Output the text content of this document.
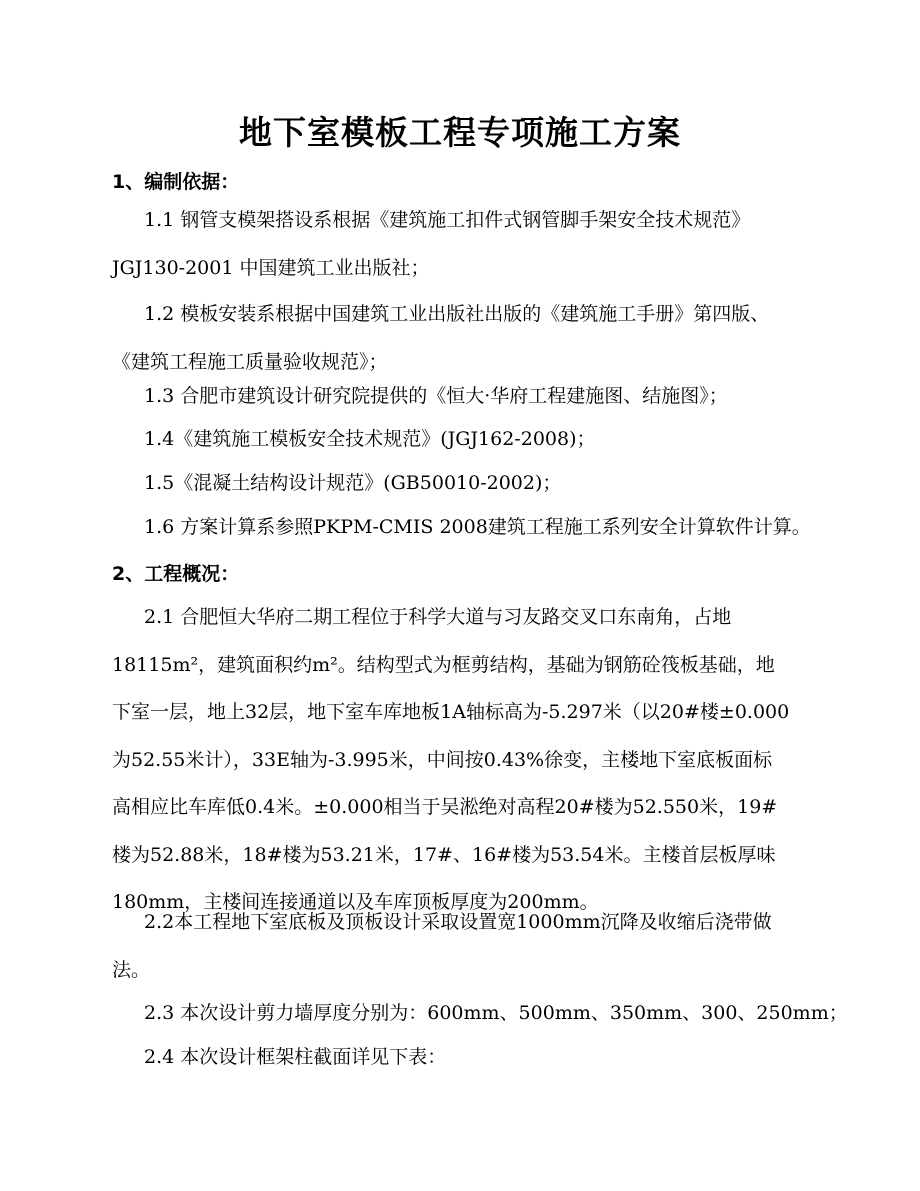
地下室模板工程专项施工方案
1、编制依据：

1.1 钢管支模架搭设系根据《建筑施工扣件式钢管脚手架安全技术规范》
JGJ130-2001 中国建筑工业出版社；

1.2 模板安装系根据中国建筑工业出版社出版的《建筑施工手册》第四版、
《建筑工程施工质量验收规范》；

1.3 合肥市建筑设计研究院提供的《恒大·华府工程建施图、结施图》；

1.4《建筑施工模板安全技术规范》(JGJ162-2008)；

1.5《混凝土结构设计规范》(GB50010-2002)；

1.6 方案计算系参照PKPM-CMIS 2008建筑工程施工系列安全计算软件计算。

2、工程概况：

2.1 合肥恒大华府二期工程位于科学大道与习友路交叉口东南角，占地
18115m²，建筑面积约m²。结构型式为框剪结构，基础为钢筋砼筏板基础，地
下室一层，地上32层，地下室车库地板1A轴标高为-5.297米（以20#楼±0.000
为52.55米计），33E轴为-3.995米，中间按0.43%徐变，主楼地下室底板面标
高相应比车库低0.4米。±0.000相当于吴淞绝对高程20#楼为52.550米，19#
楼为52.88米，18#楼为53.21米，17#、16#楼为53.54米。主楼首层板厚味
180mm，主楼间连接通道以及车库顶板厚度为200mm。

2.2本工程地下室底板及顶板设计采取设置宽1000mm沉降及收缩后浇带做
法。

2.3 本次设计剪力墙厚度分别为：600mm、500mm、350mm、300、250mm；

2.4 本次设计框架柱截面详见下表：
